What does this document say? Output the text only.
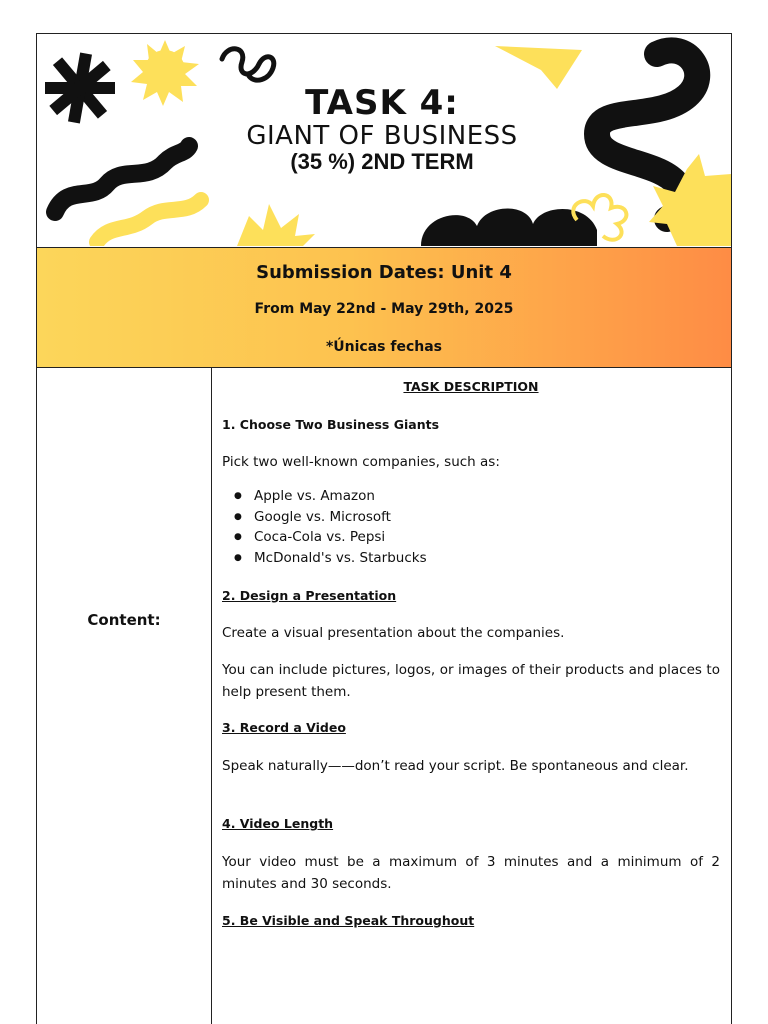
TASK 4:
GIANT OF BUSINESS
(35 %) 2ND TERM
Submission Dates: Unit 4
From May 22nd - May 29th, 2025
*Únicas fechas
Content:
TASK DESCRIPTION
1. Choose Two Business Giants
Pick two well-known companies, such as:
● Apple vs. Amazon
● Google vs. Microsoft
● Coca-Cola vs. Pepsi
● McDonald's vs. Starbucks
2. Design a Presentation
Create a visual presentation about the companies.
You can include pictures, logos, or images of their products and places to help present them.
3. Record a Video
Speak naturally——don’t read your script. Be spontaneous and clear.
4. Video Length
Your video must be a maximum of 3 minutes and a minimum of 2 minutes and 30 seconds.
5. Be Visible and Speak Throughout
